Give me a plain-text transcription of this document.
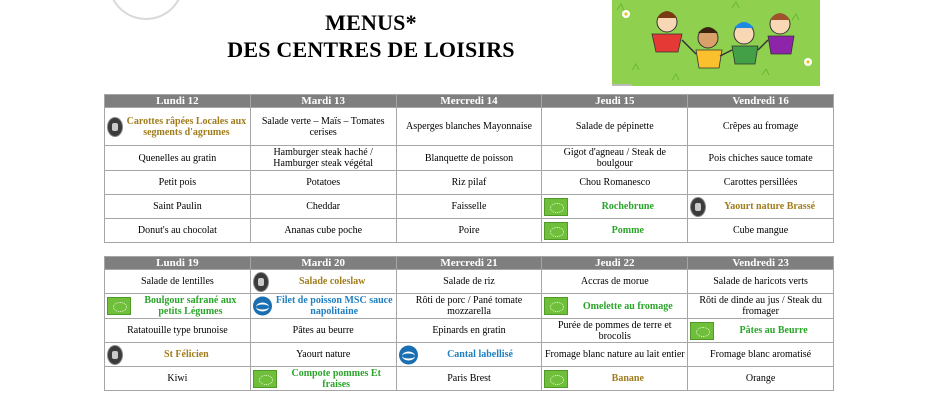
MENUS*
DES CENTRES DE LOISIRS
Lundi 12	Mardi 13	Mercredi 14	Jeudi 15	Vendredi 16

Carottes râpées Locales aux segments d'agrumes	Salade verte – Maïs – Tomates cerises	Asperges blanches Mayonnaise	Salade de pépinette	Crêpes au fromage
Quenelles au gratin	Hamburger steak haché / Hamburger steak végétal	Blanquette de poisson	Gigot d'agneau / Steak de boulgour	Pois chiches sauce tomate
Petit pois	Potatoes	Riz pilaf	Chou Romanesco	Carottes persillées
Saint Paulin	Cheddar	Faisselle	Rochebrune	Yaourt nature Brassé
Donut's au chocolat	Ananas cube poche	Poire	Pomme	Cube mangue
Lundi 19	Mardi 20	Mercredi 21	Jeudi 22	Vendredi 23
Salade de lentilles	Salade coleslaw	Salade de riz	Accras de morue	Salade de haricots verts

Boulgour safrané aux petits Légumes	Filet de poisson MSC sauce napolitaine	Rôti de porc / Pané tomate mozzarella	Omelette au fromage	Rôti de dinde au jus / Steak du fromager
Ratatouille type brunoise	Pâtes au beurre	Epinards en gratin	Purée de pommes de terre et brocolis	Pâtes au Beurre

St Félicien	Yaourt nature	Cantal labellisé	Fromage blanc nature au lait entier	Fromage blanc aromatisé
Kiwi	Compote pommes Et fraises	Paris Brest	Banane	Orange
